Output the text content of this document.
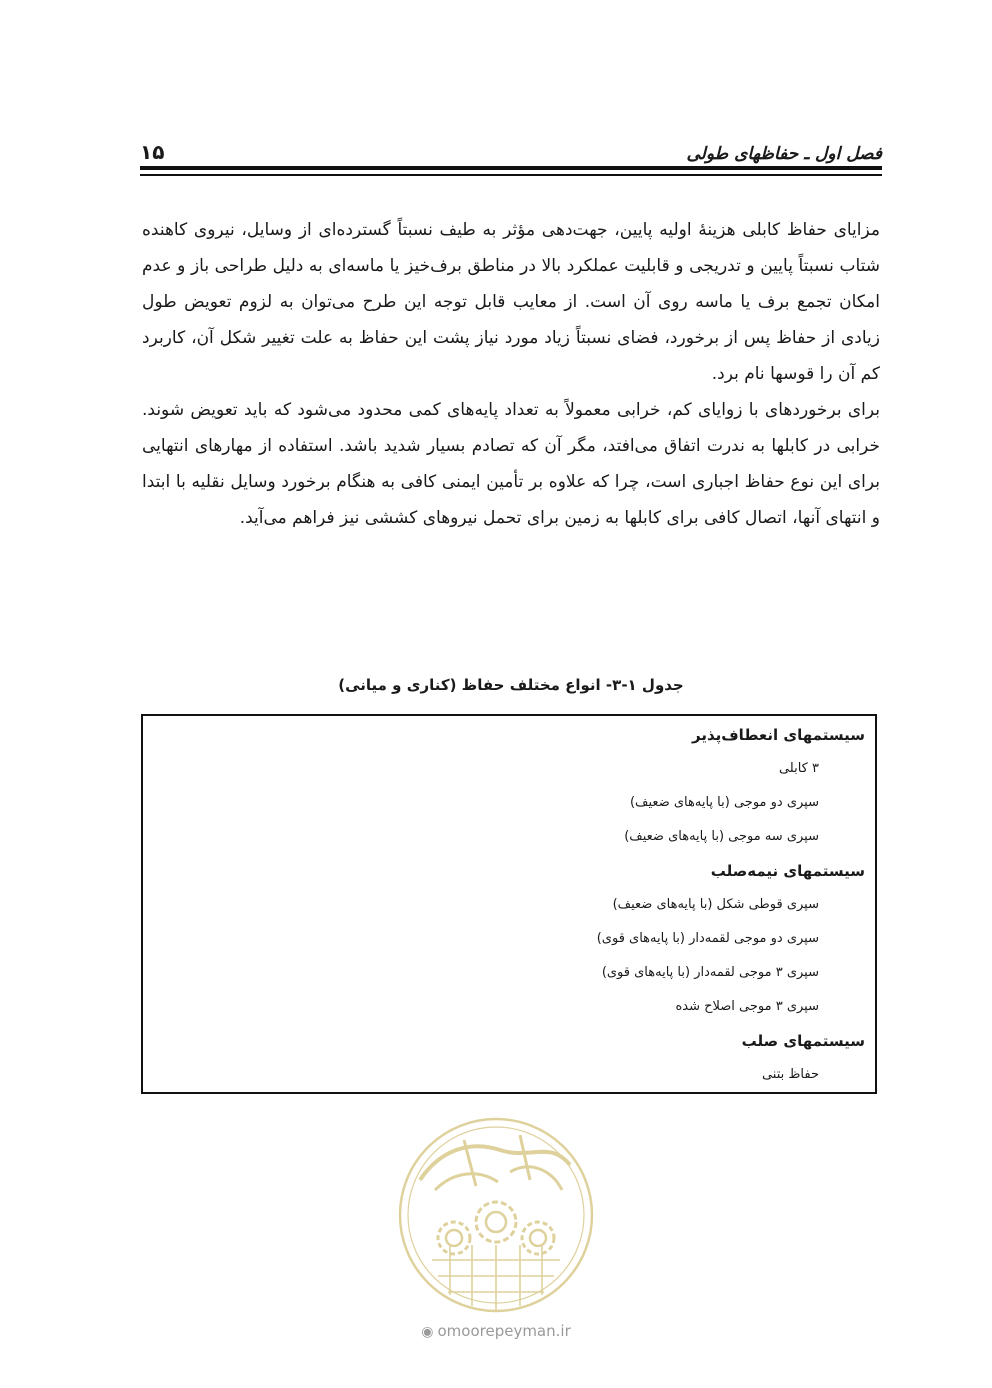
فصل اول ـ حفاظهای طولی
۱۵

مزایای حفاظ کابلی هزینهٔ اولیه پایین، جهت‌دهی مؤثر به طیف نسبتاً گسترده‌ای از وسایل، نیروی کاهنده شتاب نسبتاً پایین و تدریجی و قابلیت عملکرد بالا در مناطق برف‌خیز یا ماسه‌ای به دلیل طراحی باز و عدم امکان تجمع برف یا ماسه روی آن است. از معایب قابل توجه این طرح می‌توان به لزوم تعویض طول زیادی از حفاظ پس از برخورد، فضای نسبتاً زیاد مورد نیاز پشت این حفاظ به علت تغییر شکل آن، کاربرد کم آن را قوسها نام برد.

برای برخوردهای با زوایای کم، خرابی معمولاً به تعداد پایه‌های کمی محدود می‌شود که باید تعویض شوند. خرابی در کابلها به ندرت اتفاق می‌افتد، مگر آن که تصادم بسیار شدید باشد. استفاده از مهارهای انتهایی برای این نوع حفاظ اجباری است، چرا که علاوه بر تأمین ایمنی کافی به هنگام برخورد وسایل نقلیه با ابتدا و انتهای آنها، اتصال کافی برای کابلها به زمین برای تحمل نیروهای کششی نیز فراهم می‌آید.

جدول ۱-۳- انواع مختلف حفاظ (کناری و میانی)
سیستمهای انعطاف‌پذیر
۳ کابلی
سپری دو موجی (با پایه‌های ضعیف)
سپری سه موجی (با پایه‌های ضعیف)
سیستمهای نیمه‌صلب
سپری قوطی شکل (با پایه‌های ضعیف)
سپری دو موجی لقمه‌دار (با پایه‌های قوی)
سپری ۳ موجی لقمه‌دار (با پایه‌های قوی)
سپری ۳ موجی اصلاح شده
سیستمهای صلب
حفاظ بتنی
◉ omoorepeyman.ir
